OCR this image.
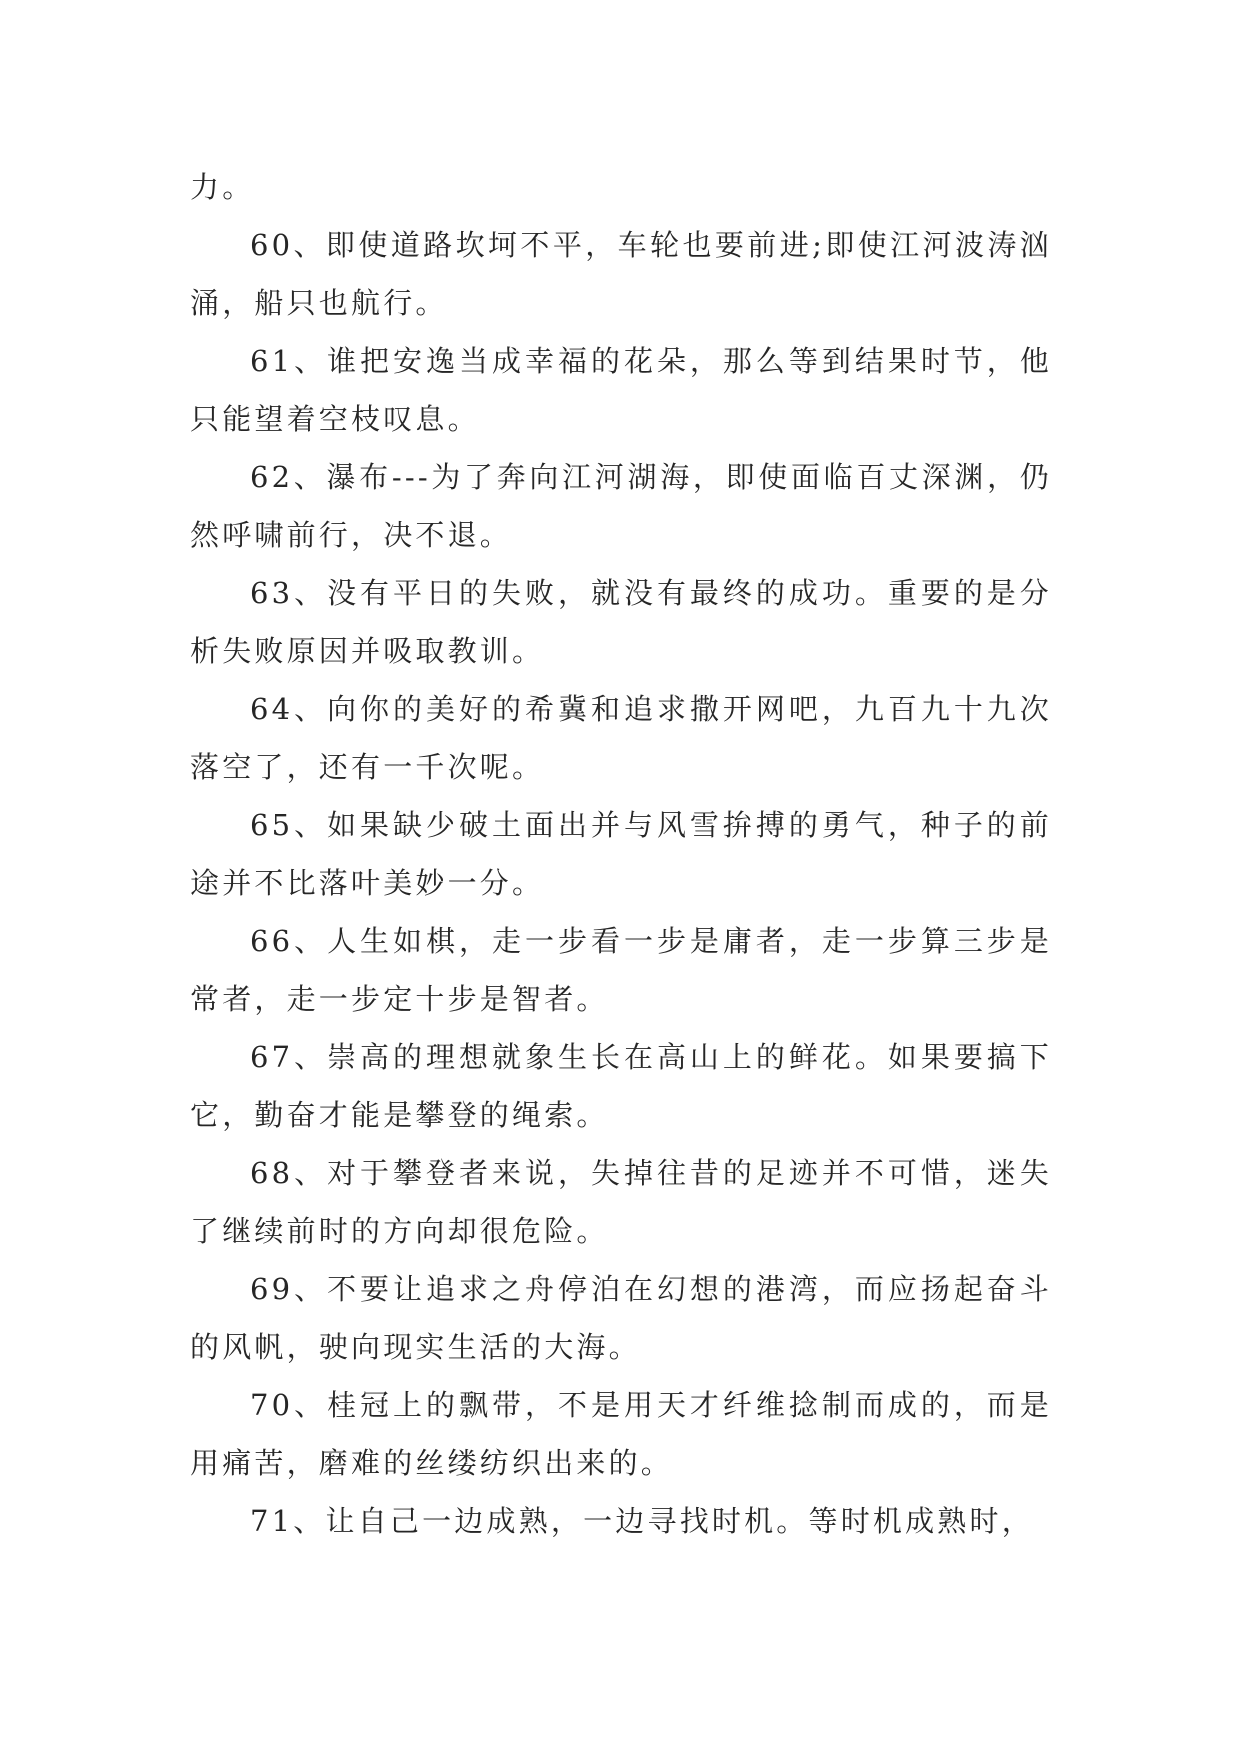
力。

60、即使道路坎坷不平，车轮也要前进;即使江河波涛汹涌，船只也航行。

61、谁把安逸当成幸福的花朵，那么等到结果时节，他只能望着空枝叹息。

62、瀑布---为了奔向江河湖海，即使面临百丈深渊，仍然呼啸前行，决不退。

63、没有平日的失败，就没有最终的成功。重要的是分析失败原因并吸取教训。

64、向你的美好的希冀和追求撒开网吧，九百九十九次落空了，还有一千次呢。

65、如果缺少破土面出并与风雪拚搏的勇气，种子的前途并不比落叶美妙一分。

66、人生如棋，走一步看一步是庸者，走一步算三步是常者，走一步定十步是智者。

67、崇高的理想就象生长在高山上的鲜花。如果要搞下它，勤奋才能是攀登的绳索。

68、对于攀登者来说，失掉往昔的足迹并不可惜，迷失了继续前时的方向却很危险。

69、不要让追求之舟停泊在幻想的港湾，而应扬起奋斗的风帆，驶向现实生活的大海。

70、桂冠上的飘带，不是用天才纤维捻制而成的，而是用痛苦，磨难的丝缕纺织出来的。

71、让自己一边成熟，一边寻找时机。等时机成熟时，
